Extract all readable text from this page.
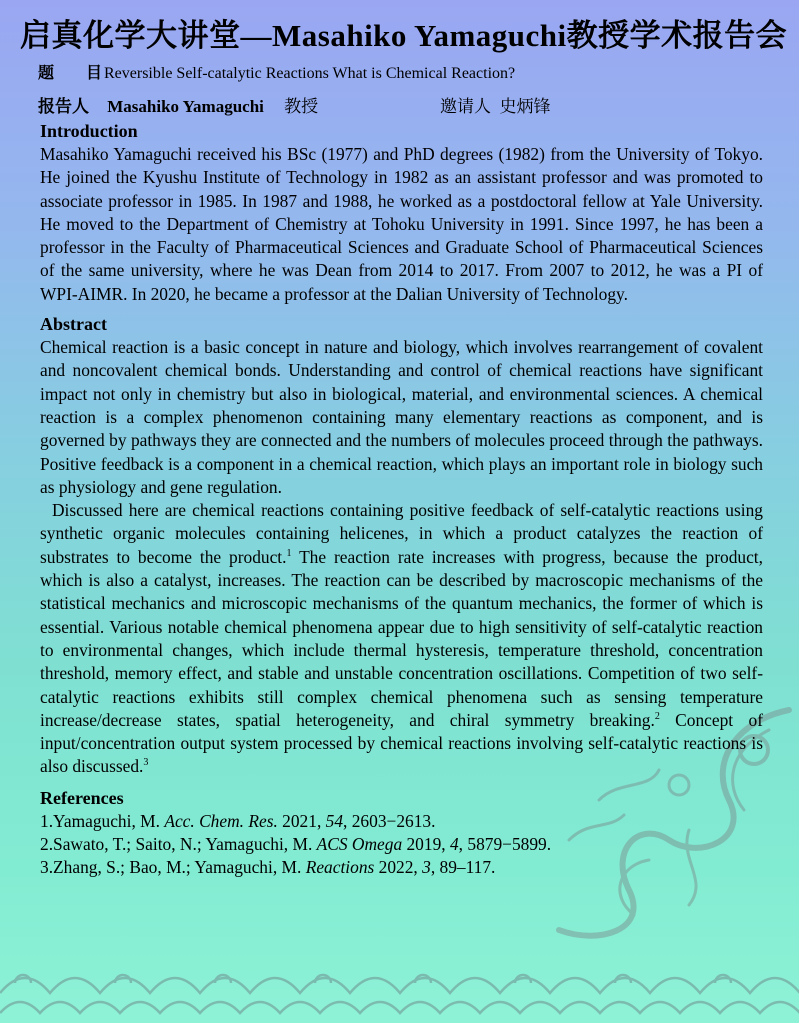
启真化学大讲堂—Masahiko Yamaguchi教授学术报告会
题 目 Reversible Self-catalytic Reactions What is Chemical Reaction?
报告人 Masahiko Yamaguchi 教授	邀请人 史炳锋
Introduction

Masahiko Yamaguchi received his BSc (1977) and PhD degrees (1982) from the University of Tokyo. He joined the Kyushu Institute of Technology in 1982 as an assistant professor and was promoted to associate professor in 1985. In 1987 and 1988, he worked as a postdoctoral fellow at Yale University. He moved to the Department of Chemistry at Tohoku University in 1991. Since 1997, he has been a professor in the Faculty of Pharmaceutical Sciences and Graduate School of Pharmaceutical Sciences of the same university, where he was Dean from 2014 to 2017. From 2007 to 2012, he was a PI of WPI-AIMR. In 2020, he became a professor at the Dalian University of Technology.

Abstract

Chemical reaction is a basic concept in nature and biology, which involves rearrangement of covalent and noncovalent chemical bonds. Understanding and control of chemical reactions have significant impact not only in chemistry but also in biological, material, and environmental sciences. A chemical reaction is a complex phenomenon containing many elementary reactions as component, and is governed by pathways they are connected and the numbers of molecules proceed through the pathways. Positive feedback is a component in a chemical reaction, which plays an important role in biology such as physiology and gene regulation.

Discussed here are chemical reactions containing positive feedback of self-catalytic reactions using synthetic organic molecules containing helicenes, in which a product catalyzes the reaction of substrates to become the product.$^1$ The reaction rate increases with progress, because the product, which is also a catalyst, increases. The reaction can be described by macroscopic mechanisms of the statistical mechanics and microscopic mechanisms of the quantum mechanics, the former of which is essential. Various notable chemical phenomena appear due to high sensitivity of self-catalytic reaction to environmental changes, which include thermal hysteresis, temperature threshold, concentration threshold, memory effect, and stable and unstable concentration oscillations. Competition of two self-catalytic reactions exhibits still complex chemical phenomena such as sensing temperature increase/decrease states, spatial heterogeneity, and chiral symmetry breaking.$^2$ Concept of input/concentration output system processed by chemical reactions involving self-catalytic reactions is also discussed.$^3$

References
1.Yamaguchi, M. Acc. Chem. Res. 2021, 54, 2603−2613.
2.Sawato, T.; Saito, N.; Yamaguchi, M. ACS Omega 2019, 4, 5879−5899.
3.Zhang, S.; Bao, M.; Yamaguchi, M. Reactions 2022, 3, 89–117.
